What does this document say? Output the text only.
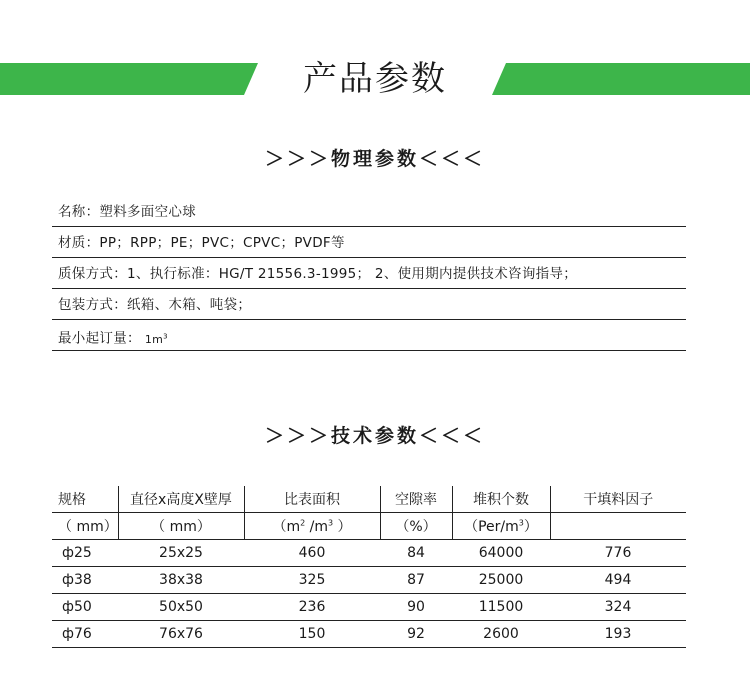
产品参数
＞＞＞物理参数＜＜＜
名称：塑料多面空心球
材质：PP；RPP；PE；PVC；CPVC；PVDF等
质保方式：1、执行标准：HG/T 21556.3-1995； 2、使用期内提供技术咨询指导；
包装方式：纸箱、木箱、吨袋；
最小起订量： $1m^3$
＞＞＞技术参数＜＜＜
规格	直径x高度X壁厚	比表面积	空隙率	堆积个数	干填料因子
（ mm）	（ mm）	（$m^2$ $/m^3$ ）	（%）	$(Per/m^3)$	
ф25	25x25	460	84	64000	776
ф38	38x38	325	87	25000	494
ф50	50x50	236	90	11500	324
ф76	76x76	150	92	2600	193
